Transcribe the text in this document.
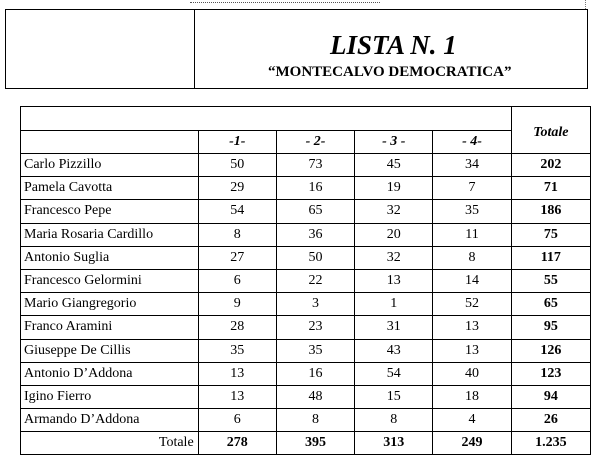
LISTA N. 1
“MONTECALVO DEMOCRATICA”

	-1-	- 2-	- 3 -	- 4-	Totale
Carlo Pizzillo	50	73	45	34	202
Pamela Cavotta	29	16	19	7	71
Francesco Pepe	54	65	32	35	186
Maria Rosaria Cardillo	8	36	20	11	75
Antonio Suglia	27	50	32	8	117
Francesco Gelormini	6	22	13	14	55
Mario Giangregorio	9	3	1	52	65
Franco Aramini	28	23	31	13	95
Giuseppe De Cillis	35	35	43	13	126
Antonio D’Addona	13	16	54	40	123
Igino Fierro	13	48	15	18	94
Armando D’Addona	6	8	8	4	26
Totale	278	395	313	249	1.235
